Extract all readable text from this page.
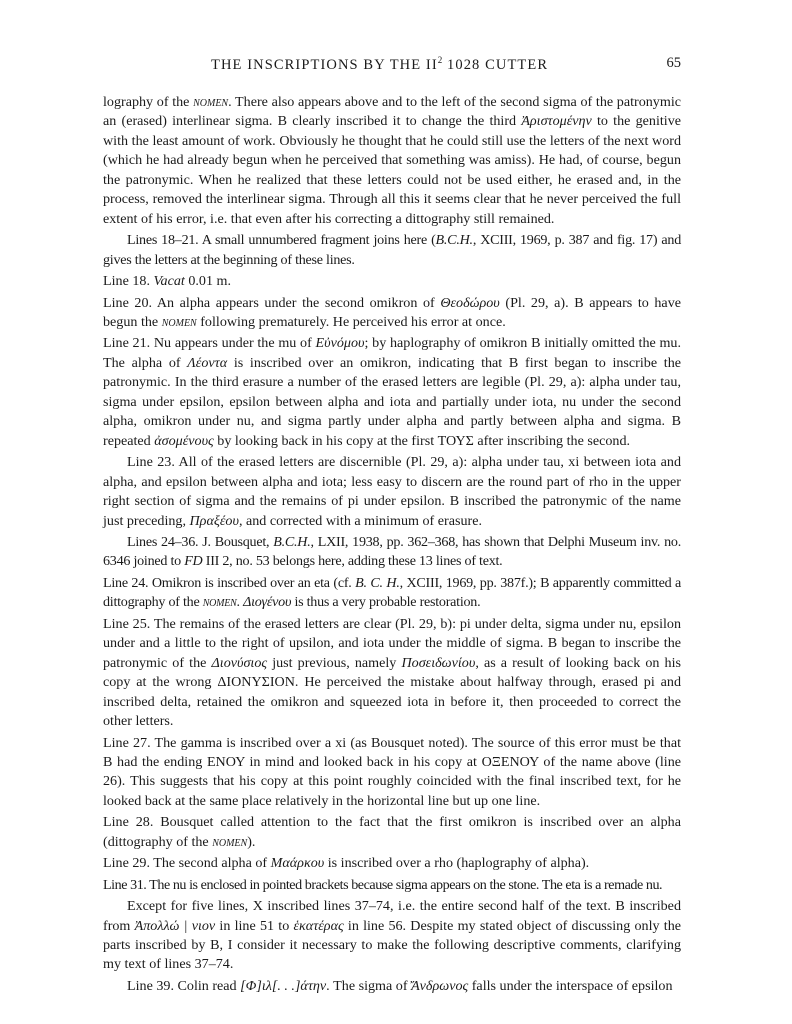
THE INSCRIPTIONS BY THE $II^2$ 1028 CUTTER	65

lography of the nomen. There also appears above and to the left of the second sigma of the patronymic an (erased) interlinear sigma. B clearly inscribed it to change the third Ἀριστομένην to the genitive with the least amount of work. Obviously he thought that he could still use the letters of the next word (which he had already begun when he perceived that something was amiss). He had, of course, begun the patronymic. When he realized that these letters could not be used either, he erased and, in the process, removed the interlinear sigma. Through all this it seems clear that he never perceived the full extent of his error, i.e. that even after his correcting a dittography still remained.

Lines 18–21. A small unnumbered fragment joins here (B.C.H., XCIII, 1969, p. 387 and fig. 17) and gives the letters at the beginning of these lines.

Line 18. Vacat 0.01 m.

Line 20. An alpha appears under the second omikron of Θεοδώρου (Pl. 29, a). B appears to have begun the nomen following prematurely. He perceived his error at once.

Line 21. Nu appears under the mu of Εὐνόμου; by haplography of omikron B initially omitted the mu. The alpha of Λέοντα is inscribed over an omikron, indicating that B first began to inscribe the patronymic. In the third erasure a number of the erased letters are legible (Pl. 29, a): alpha under tau, sigma under epsilon, epsilon between alpha and iota and partially under iota, nu under the second alpha, omikron under nu, and sigma partly under alpha and partly between alpha and sigma. B repeated ἀσομένους by looking back in his copy at the first ΤΟΥΣ after inscribing the second.

Line 23. All of the erased letters are discernible (Pl. 29, a): alpha under tau, xi between iota and alpha, and epsilon between alpha and iota; less easy to discern are the round part of rho in the upper right section of sigma and the remains of pi under epsilon. B inscribed the patronymic of the name just preceding, Πραξέου, and corrected with a minimum of erasure.

Lines 24–36. J. Bousquet, B.C.H., LXII, 1938, pp. 362–368, has shown that Delphi Museum inv. no. 6346 joined to FD III 2, no. 53 belongs here, adding these 13 lines of text.

Line 24. Omikron is inscribed over an eta (cf. B. C. H., XCIII, 1969, pp. 387f.); B apparently committed a dittography of the nomen. Διογένου is thus a very probable restoration.

Line 25. The remains of the erased letters are clear (Pl. 29, b): pi under delta, sigma under nu, epsilon under and a little to the right of upsilon, and iota under the middle of sigma. B began to inscribe the patronymic of the Διονύσιος just previous, namely Ποσειδωνίου, as a result of looking back on his copy at the wrong ΔΙΟΝΥΣΙΟΝ. He perceived the mistake about halfway through, erased pi and inscribed delta, retained the omikron and squeezed iota in before it, then proceeded to correct the other letters.

Line 27. The gamma is inscribed over a xi (as Bousquet noted). The source of this error must be that B had the ending ΕΝΟΥ in mind and looked back in his copy at ΟΞΕΝΟΥ of the name above (line 26). This suggests that his copy at this point roughly coincided with the final inscribed text, for he looked back at the same place relatively in the horizontal line but up one line.

Line 28. Bousquet called attention to the fact that the first omikron is inscribed over an alpha (dittography of the nomen).

Line 29. The second alpha of Μαάρκου is inscribed over a rho (haplography of alpha).

Line 31. The nu is enclosed in pointed brackets because sigma appears on the stone. The eta is a remade nu.

Except for five lines, X inscribed lines 37–74, i.e. the entire second half of the text. B inscribed from Ἀπολλώ | νιον in line 51 to ἑκατέρας in line 56. Despite my stated object of discussing only the parts inscribed by B, I consider it necessary to make the following descriptive comments, clarifying my text of lines 37–74.

Line 39. Colin read [Φ]ιλ[. . .]άτην. The sigma of Ἄνδρωνος falls under the interspace of epsilon
